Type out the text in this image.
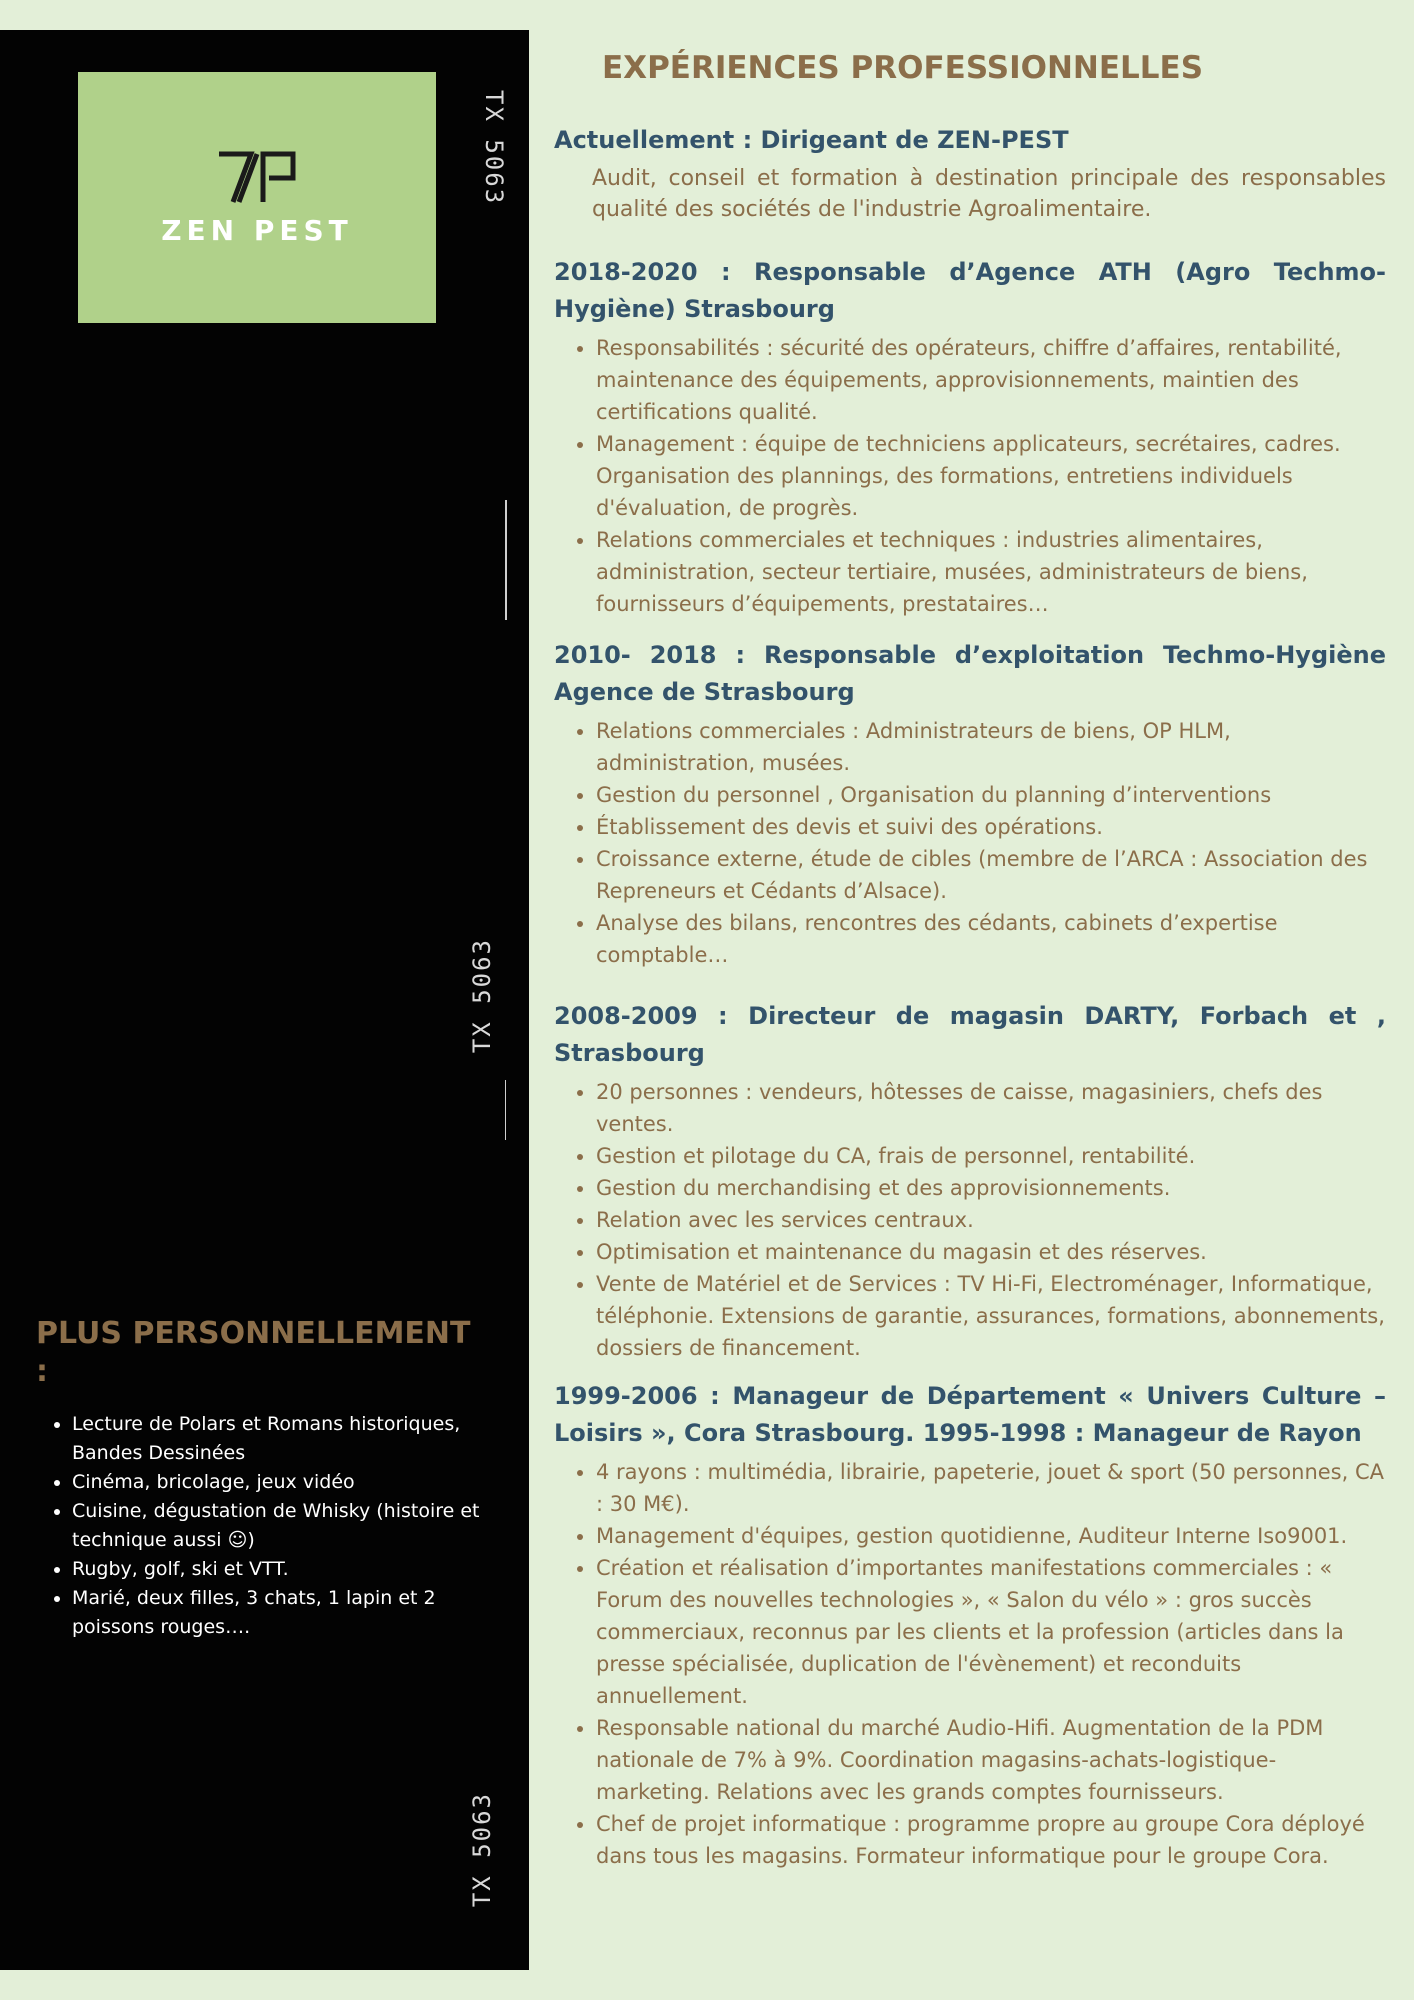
ZEN PEST
TX 5063
TX 5063
TX 5063
PLUS PERSONNELLEMENT :
• Lecture de Polars et Romans historiques, Bandes Dessinées
• Cinéma, bricolage, jeux vidéo
• Cuisine, dégustation de Whisky (histoire et technique aussi ☺)
• Rugby, golf, ski et VTT.
• Marié, deux filles, 3 chats, 1 lapin et 2 poissons rouges….
EXPÉRIENCES PROFESSIONNELLES
Actuellement : Dirigeant de ZEN-PEST
Audit, conseil et formation à destination principale des responsables qualité des sociétés de l'industrie Agroalimentaire.
2018-2020 : Responsable d’Agence ATH (Agro Techmo-Hygiène) Strasbourg
• Responsabilités : sécurité des opérateurs, chiffre d’affaires, rentabilité, maintenance des équipements, approvisionnements, maintien des certifications qualité.
• Management : équipe de techniciens applicateurs, secrétaires, cadres. Organisation des plannings, des formations, entretiens individuels d'évaluation, de progrès.
• Relations commerciales et techniques : industries alimentaires, administration, secteur tertiaire, musées, administrateurs de biens, fournisseurs d’équipements, prestataires…
2010- 2018 : Responsable d’exploitation Techmo-Hygiène Agence de Strasbourg
• Relations commerciales : Administrateurs de biens, OP HLM, administration, musées.
• Gestion du personnel , Organisation du planning d’interventions
• Établissement des devis et suivi des opérations.
• Croissance externe, étude de cibles (membre de l’ARCA : Association des Repreneurs et Cédants d’Alsace).
• Analyse des bilans, rencontres des cédants, cabinets d’expertise comptable…
2008-2009 : Directeur de magasin DARTY, Forbach et , Strasbourg
• 20 personnes : vendeurs, hôtesses de caisse, magasiniers, chefs des ventes.
• Gestion et pilotage du CA, frais de personnel, rentabilité.
• Gestion du merchandising et des approvisionnements.
• Relation avec les services centraux.
• Optimisation et maintenance du magasin et des réserves.
• Vente de Matériel et de Services : TV Hi-Fi, Electroménager, Informatique, téléphonie. Extensions de garantie, assurances, formations, abonnements, dossiers de financement.
1999-2006 : Manageur de Département « Univers Culture – Loisirs », Cora Strasbourg. 1995-1998 : Manageur de Rayon
• 4 rayons : multimédia, librairie, papeterie, jouet & sport (50 personnes, CA : 30 M€).
• Management d'équipes, gestion quotidienne, Auditeur Interne Iso9001.
• Création et réalisation d’importantes manifestations commerciales : « Forum des nouvelles technologies », « Salon du vélo » : gros succès commerciaux, reconnus par les clients et la profession (articles dans la presse spécialisée, duplication de l'évènement) et reconduits annuellement.
• Responsable national du marché Audio-Hifi. Augmentation de la PDM nationale de 7% à 9%. Coordination magasins-achats-logistique-marketing. Relations avec les grands comptes fournisseurs.
• Chef de projet informatique : programme propre au groupe Cora déployé dans tous les magasins. Formateur informatique pour le groupe Cora.
